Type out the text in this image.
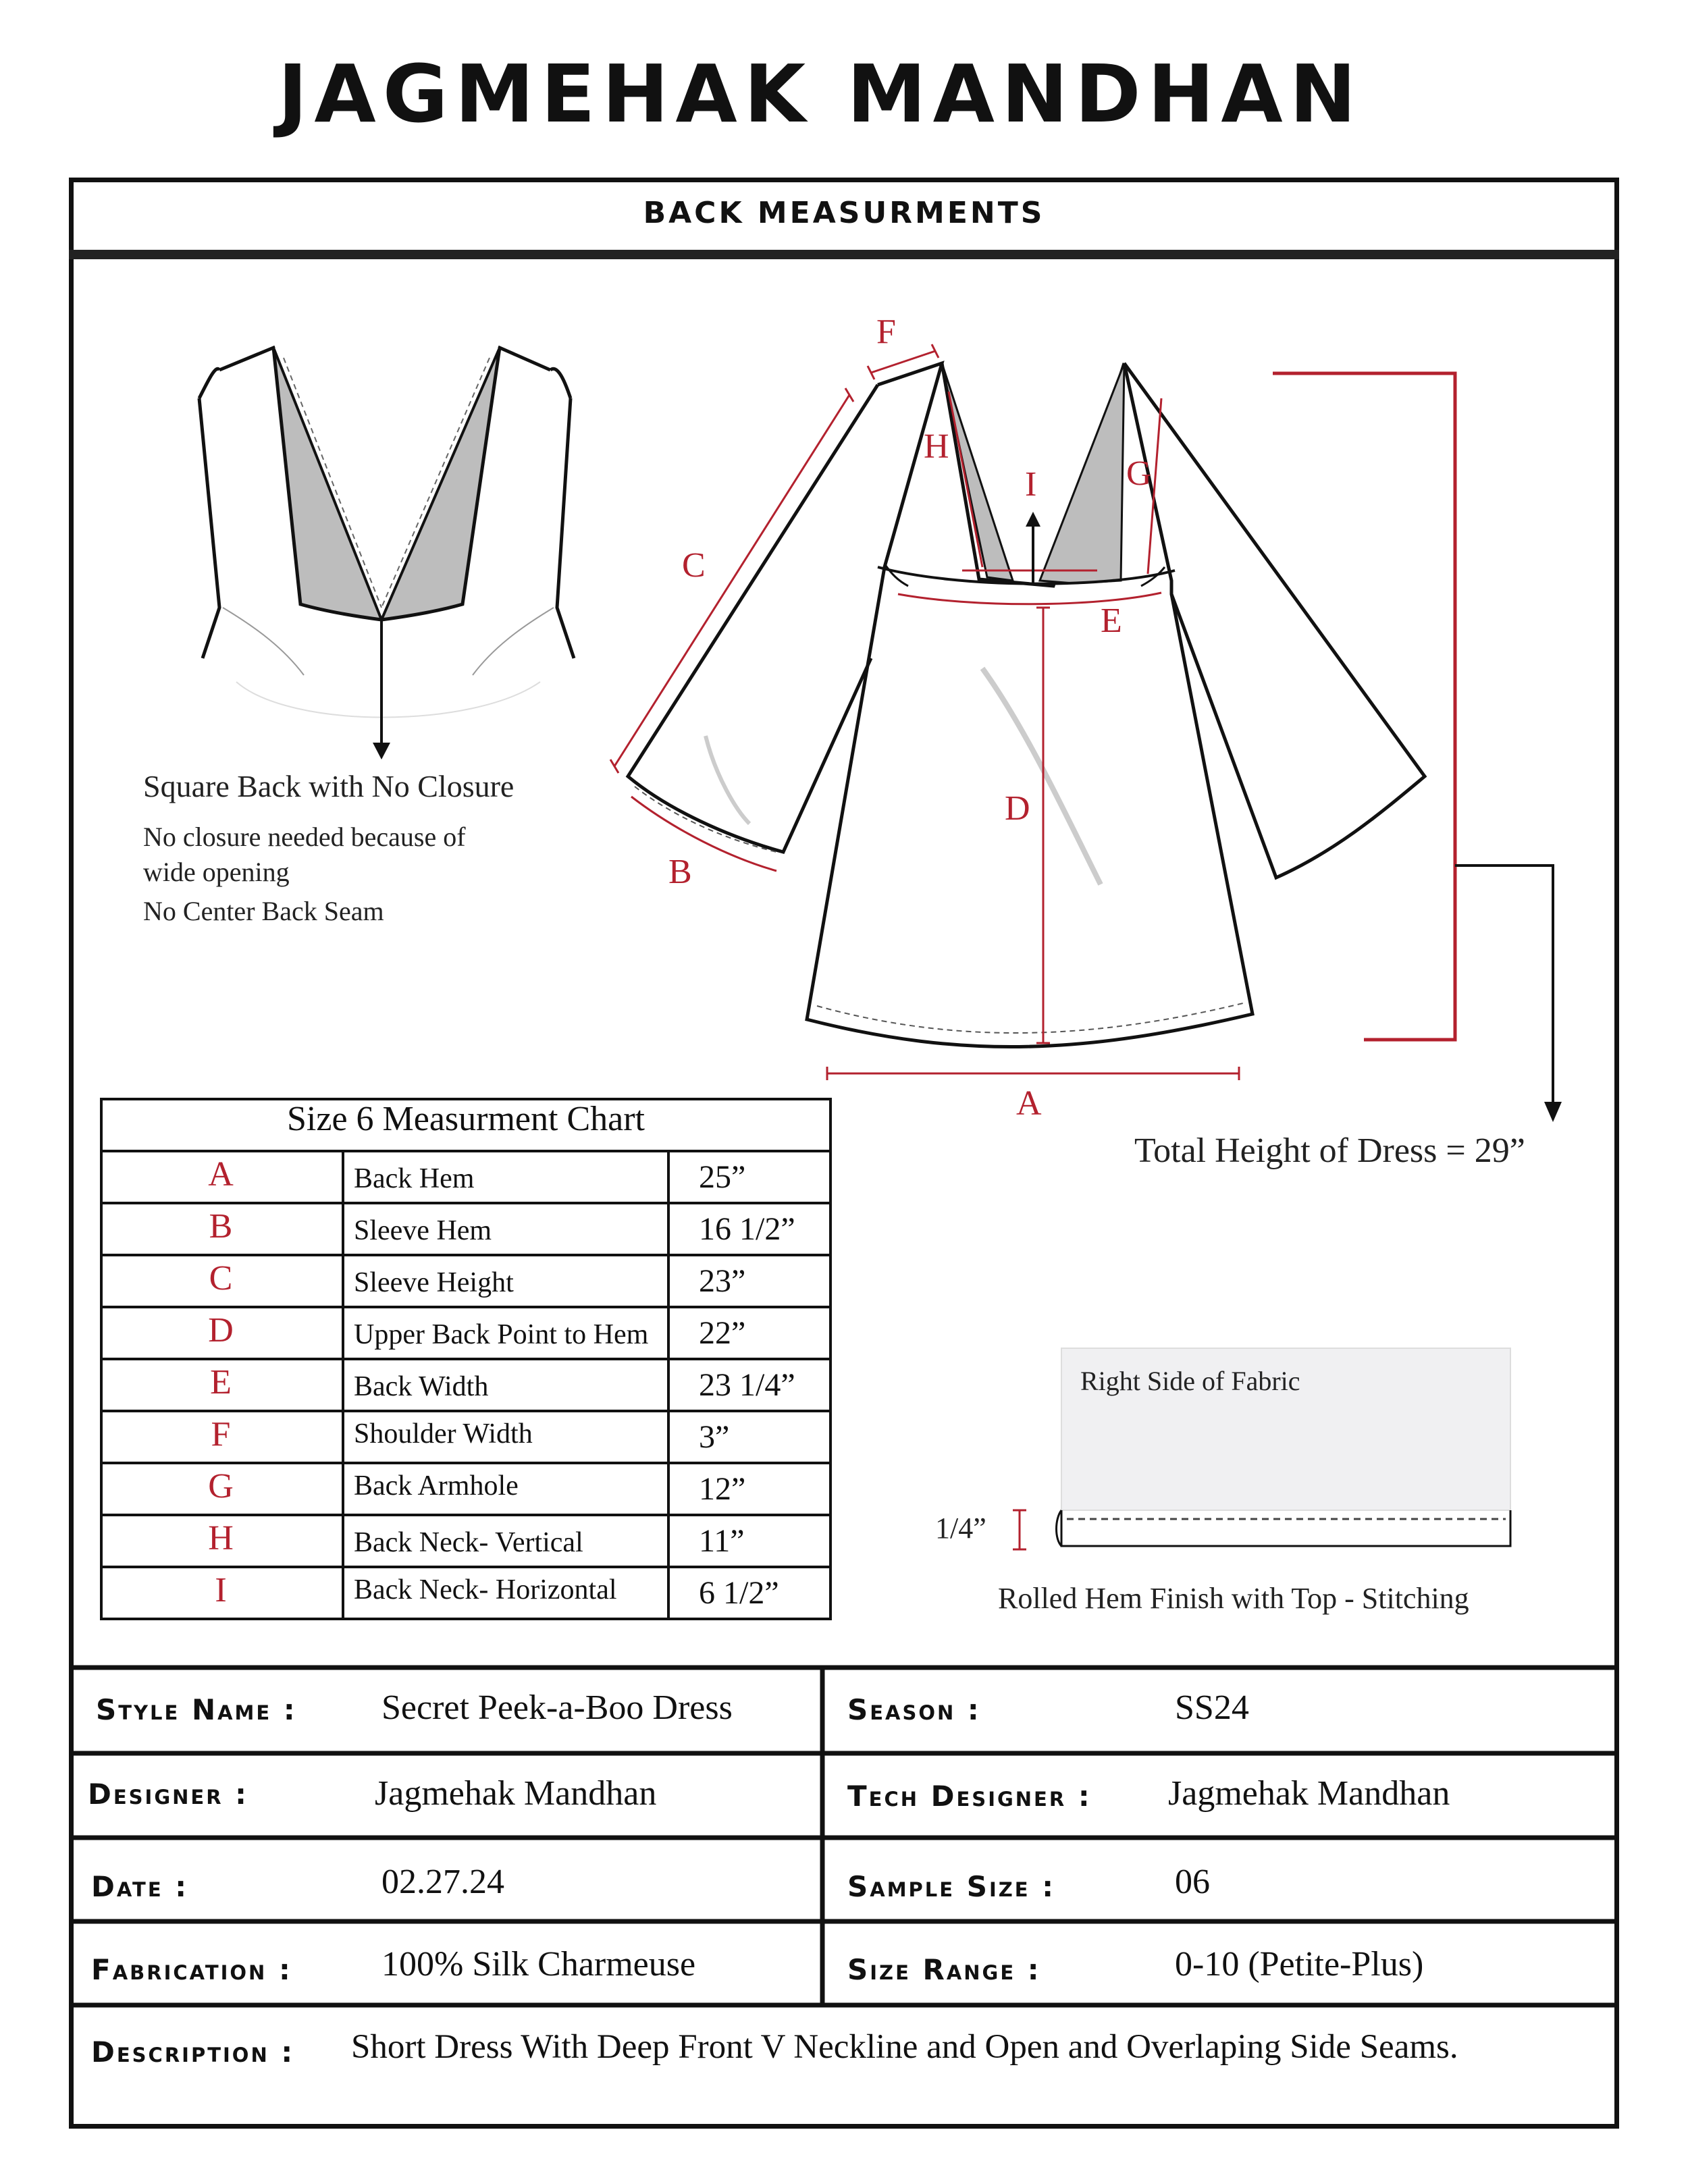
JAGMEHAK MANDHAN
BACK MEASURMENTS
Square Back with No Closure
No closure needed because of
wide opening
No Center Back Seam
F
H
I	G
C
E
D
B
A
Total Height of Dress = 29”
Size 6 Measurment Chart
A	Back Hem	25”
B	Sleeve Hem	16 1/2”
C	Sleeve Height	23”
D	Upper Back Point to Hem 22”
E	Back Width	23 1/4”
F	Shoulder Width	3”
G	Back Armhole	12”
H	Back Neck- Vertical	11”
I	Back Neck- Horizontal	6 1/2”
Right Side of Fabric
1/4”
Rolled Hem Finish with Top - Stitching
Style Name : Secret Peek-a-Boo Dress	Season :	SS24
Designer :	Jagmehak Mandhan	Tech Designer : Jagmehak Mandhan
Date :	02.27.24	Sample Size :	06
Fabrication :	100% Silk Charmeuse	Size Range :	0-10 (Petite-Plus)
Description : Short Dress With Deep Front V Neckline and Open and Overlaping Side Seams.
